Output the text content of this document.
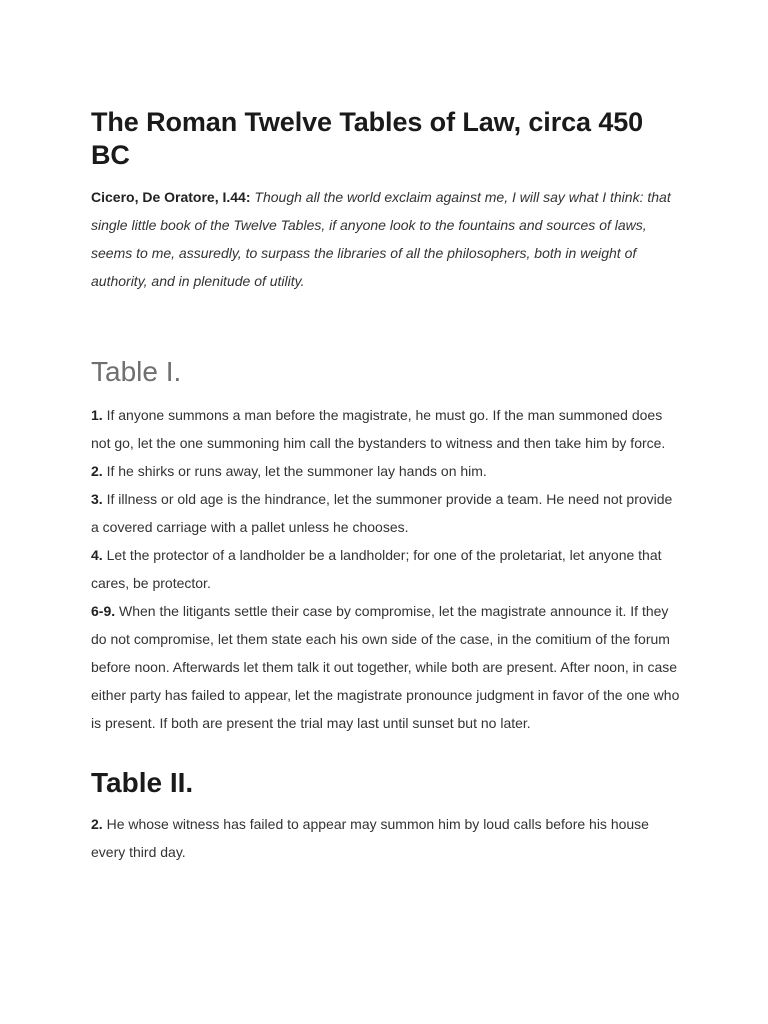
The Roman Twelve Tables of Law, circa 450 BC

Cicero, De Oratore, I.44: Though all the world exclaim against me, I will say what I think: that single little book of the Twelve Tables, if anyone look to the fountains and sources of laws, seems to me, assuredly, to surpass the libraries of all the philosophers, both in weight of authority, and in plenitude of utility.

Table I.

1. If anyone summons a man before the magistrate, he must go. If the man summoned does not go, let the one summoning him call the bystanders to witness and then take him by force.

2. If he shirks or runs away, let the summoner lay hands on him.

3. If illness or old age is the hindrance, let the summoner provide a team. He need not provide a covered carriage with a pallet unless he chooses.

4. Let the protector of a landholder be a landholder; for one of the proletariat, let anyone that cares, be protector.

6-9. When the litigants settle their case by compromise, let the magistrate announce it. If they do not compromise, let them state each his own side of the case, in the comitium of the forum before noon. Afterwards let them talk it out together, while both are present. After noon, in case either party has failed to appear, let the magistrate pronounce judgment in favor of the one who is present. If both are present the trial may last until sunset but no later.

Table II.

2. He whose witness has failed to appear may summon him by loud calls before his house every third day.
